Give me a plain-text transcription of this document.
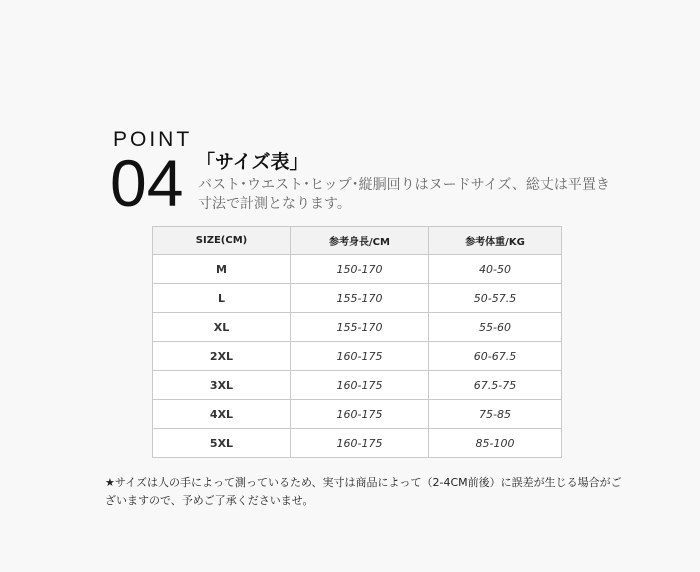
POINT
04 「サイズ表」
バスト･ウエスト･ヒップ･縦胴回りはヌードサイズ、総丈は平置き寸法で計測となります。
SIZE(CM)	参考身長/CM	参考体重/KG
M	150-170	40-50
L	155-170	50-57.5
XL	155-170	55-60
2XL	160-175	60-67.5
3XL	160-175	67.5-75
4XL	160-175	75-85
5XL	160-175	85-100
★サイズは人の手によって測っているため、実寸は商品によって（2-4CM前後）に誤差が生じる場合がございますので、予めご了承くださいませ。
